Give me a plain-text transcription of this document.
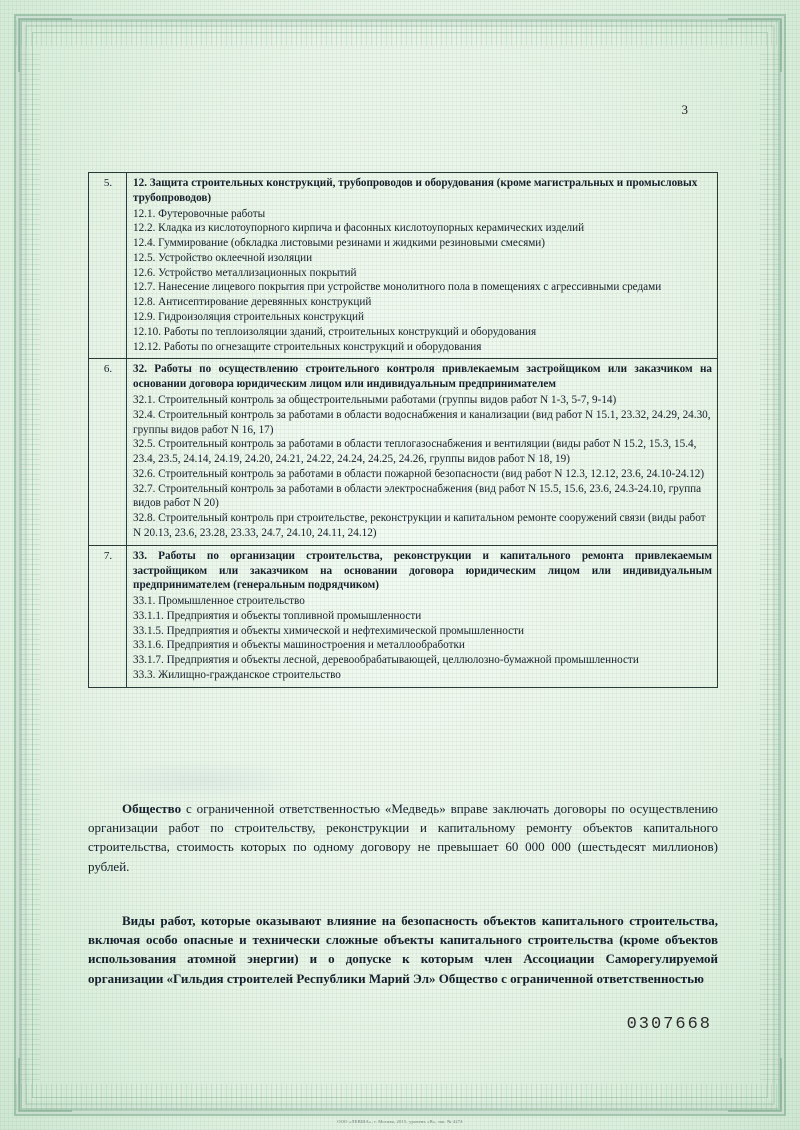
3
5.	12. Защита строительных конструкций, трубопроводов и оборудования (кроме магистральных и промысловых трубопроводов)
12.1. Футеровочные работы
12.2. Кладка из кислотоупорного кирпича и фасонных кислотоупорных керамических изделий
12.4. Гуммирование (обкладка листовыми резинами и жидкими резиновыми смесями)
12.5. Устройство оклеечной изоляции
12.6. Устройство металлизационных покрытий
12.7. Нанесение лицевого покрытия при устройстве монолитного пола в помещениях с агрессивными средами
12.8. Антисептирование деревянных конструкций
12.9. Гидроизоляция строительных конструкций
12.10. Работы по теплоизоляции зданий, строительных конструкций и оборудования
12.12. Работы по огнезащите строительных конструкций и оборудования

6.	32. Работы по осуществлению строительного контроля привлекаемым застройщиком или заказчиком на основании договора юридическим лицом или индивидуальным предпринимателем
32.1. Строительный контроль за общестроительными работами (группы видов работ N 1-3, 5-7, 9-14)
32.4. Строительный контроль за работами в области водоснабжения и канализации (вид работ N 15.1, 23.32, 24.29, 24.30, группы видов работ N 16, 17)
32.5. Строительный контроль за работами в области теплогазоснабжения и вентиляции (виды работ N 15.2, 15.3, 15.4, 23.4, 23.5, 24.14, 24.19, 24.20, 24.21, 24.22, 24.24, 24.25, 24.26, группы видов работ N 18, 19)
32.6. Строительный контроль за работами в области пожарной безопасности (вид работ N 12.3, 12.12, 23.6, 24.10-24.12)
32.7. Строительный контроль за работами в области электроснабжения (вид работ N 15.5, 15.6, 23.6, 24.3-24.10, группа видов работ N 20)
32.8. Строительный контроль при строительстве, реконструкции и капитальном ремонте сооружений связи (виды работ N 20.13, 23.6, 23.28, 23.33, 24.7, 24.10, 24.11, 24.12)

7.	33. Работы по организации строительства, реконструкции и капитального ремонта привлекаемым застройщиком или заказчиком на основании договора юридическим лицом или индивидуальным предпринимателем (генеральным подрядчиком)
33.1. Промышленное строительство
33.1.1. Предприятия и объекты топливной промышленности
33.1.5. Предприятия и объекты химической и нефтехимической промышленности
33.1.6. Предприятия и объекты машиностроения и металлообработки
33.1.7. Предприятия и объекты лесной, деревообрабатывающей, целлюлозно-бумажной промышленности
33.3. Жилищно-гражданское строительство

Общество с ограниченной ответственностью «Медведь» вправе заключать договоры по осуществлению организации работ по строительству, реконструкции и капитальному ремонту объектов капитального строительства, стоимость которых по одному договору не превышает 60 000 000 (шестьдесят миллионов) рублей.

Виды работ, которые оказывают влияние на безопасность объектов капитального строительства, включая особо опасные и технически сложные объекты капитального строительства (кроме объектов использования атомной энергии) и о допуске к которым член Ассоциации Саморегулируемой организации «Гильдия строителей Республики Марий Эл» Общество с ограниченной ответственностью

0307668
ООО «ЛЕВША», г. Москва, 2015, уровень «В», зак. № 4274
